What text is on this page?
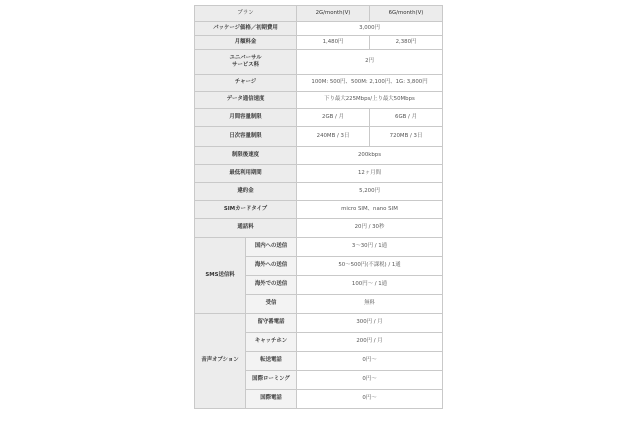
プラン		2G/month(V)	6G/month(V)
パッケージ価格／初期費用		3,000円	
月額料金		1,480円	2,380円
ユニバーサル
サービス料		2円	
チャージ		100M: 500円、500M: 2,100円、1G: 3,800円	
データ通信速度		下り最大225Mbps/上り最大50Mbps	
月間容量制限		2GB / 月	6GB / 月
日次容量制限		240MB / 3日	720MB / 3日
制限後速度		200kbps	
最低利用期間		12ヶ月間	
違約金		5,200円	
SIMカードタイプ		micro SIM、nano SIM	
通話料		20円 / 30秒	
SMS送信料	国内への送信	3～30円 / 1通	
	海外への送信	50～500円(不課税) / 1通	
	海外での送信	100円～ / 1通	
	受信	無料	
音声オプション	留守番電話	300円 / 月	
	キャッチホン	200円 / 月	
	転送電話	0円～	
	国際ローミング	0円～	
	国際電話	0円～	
